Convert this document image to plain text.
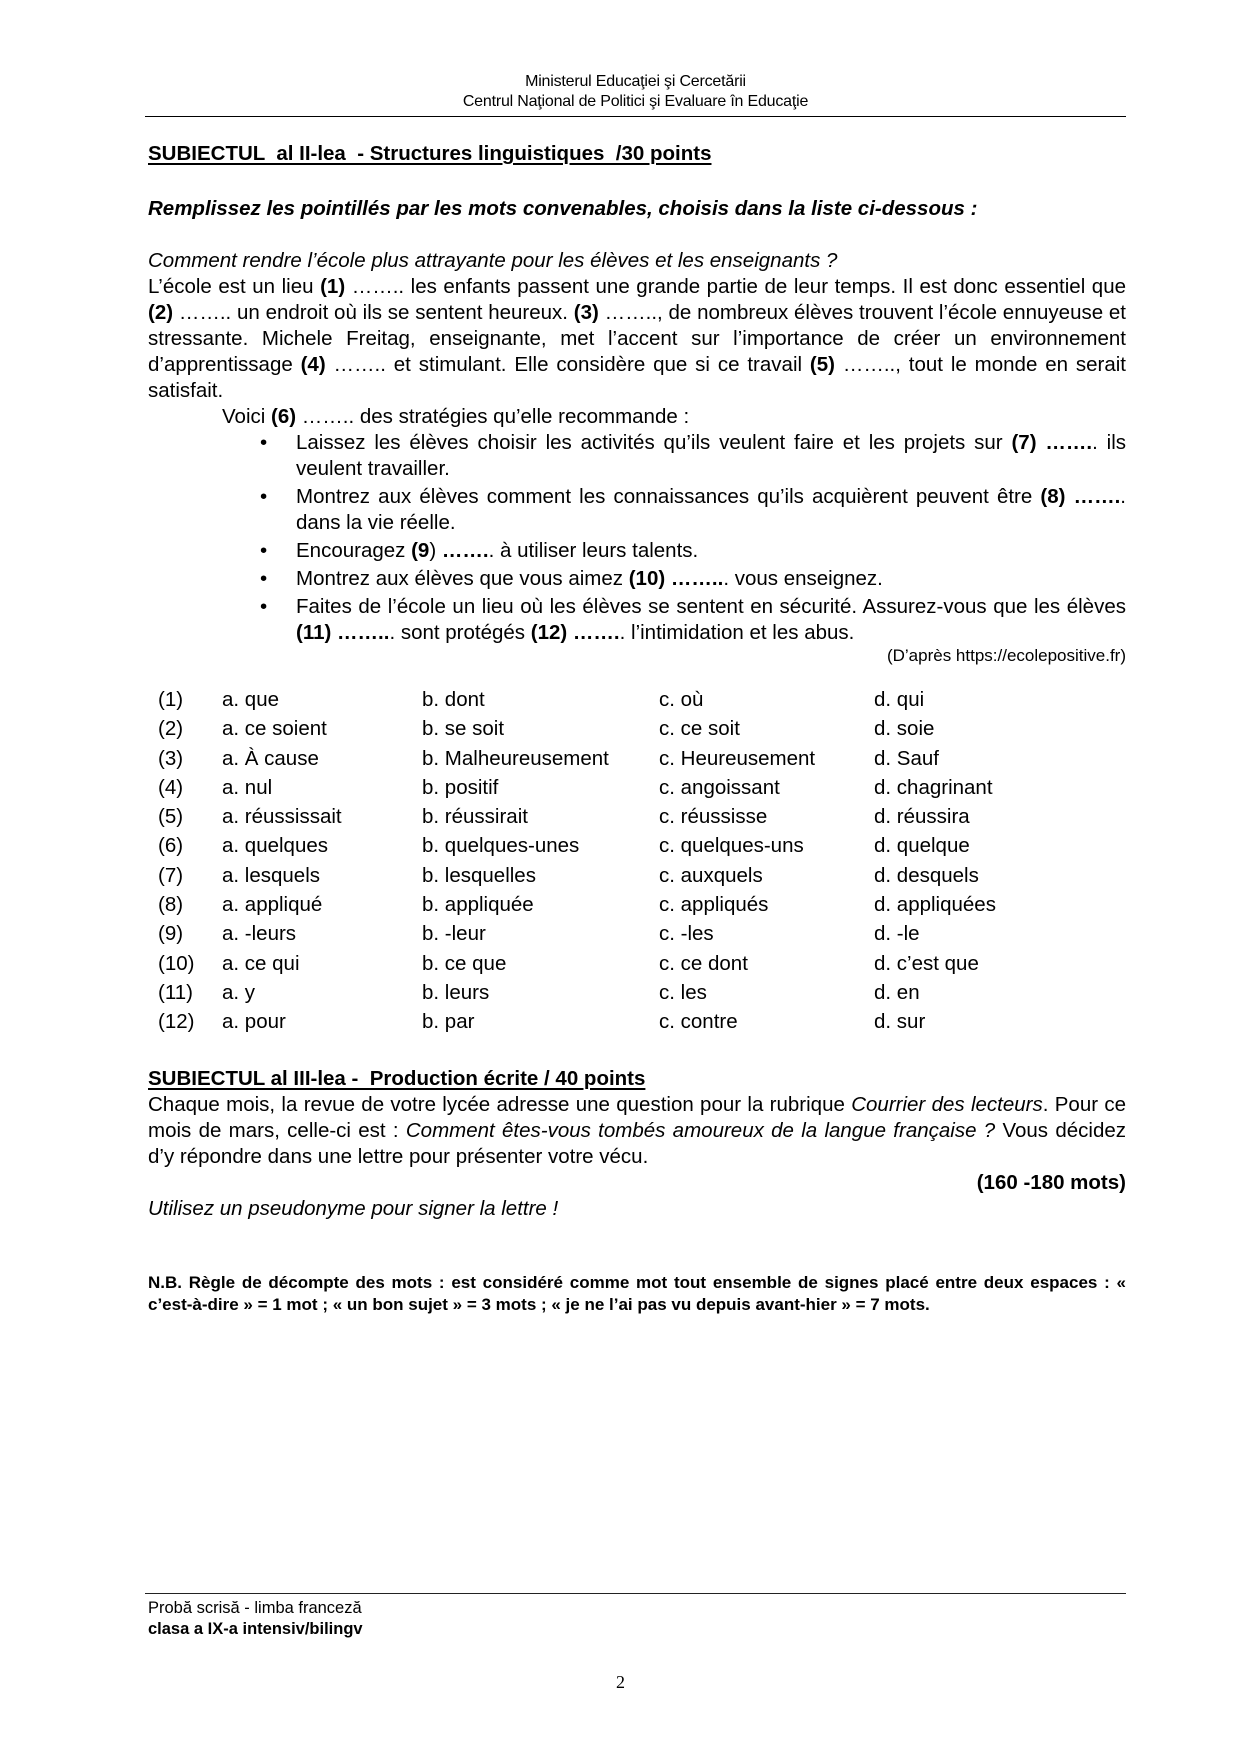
Ministerul Educaţiei şi Cercetării
Centrul Naţional de Politici şi Evaluare în Educaţie

SUBIECTUL  al II-lea  - Structures linguistiques  /30 points

Remplissez les pointillés par les mots convenables, choisis dans la liste ci-dessous :

Comment rendre l’école plus attrayante pour les élèves et les enseignants ?

L’école est un lieu (1) …….. les enfants passent une grande partie de leur temps. Il est donc essentiel que (2) …….. un endroit où ils se sentent heureux. (3) …….., de nombreux élèves trouvent l’école ennuyeuse et stressante. Michele Freitag, enseignante, met l’accent sur l’importance de créer un environnement d’apprentissage (4) …….. et stimulant. Elle considère que si ce travail (5) …….., tout le monde en serait satisfait.

Voici (6) …….. des stratégies qu’elle recommande :

• Laissez les élèves choisir les activités qu’ils veulent faire et les projets sur (7) …….. ils veulent travailler.
• Montrez aux élèves comment les connaissances qu’ils acquièrent peuvent être (8) …….. dans la vie réelle.
• Encouragez (9) …….. à utiliser leurs talents.
• Montrez aux élèves que vous aimez (10) ……... vous enseignez.
• Faites de l’école un lieu où les élèves se sentent en sécurité. Assurez-vous que les élèves (11) ……... sont protégés (12) …….. l’intimidation et les abus.
(D’après https://ecolepositive.fr)
(1)	a. que	b. dont	c. où	d. qui
(2)	a. ce soient	b. se soit	c. ce soit	d. soie
(3)	a. À cause	b. Malheureusement	c. Heureusement	d. Sauf
(4)	a. nul	b. positif	c. angoissant	d. chagrinant
(5)	a. réussissait	b. réussirait	c. réussisse	d. réussira
(6)	a. quelques	b. quelques-unes	c. quelques-uns	d. quelque
(7)	a. lesquels	b. lesquelles	c. auxquels	d. desquels
(8)	a. appliqué	b. appliquée	c. appliqués	d. appliquées
(9)	a. -leurs	b. -leur	c. -les	d. -le
(10)	a. ce qui	b. ce que	c. ce dont	d. c’est que
(11)	a. y	b. leurs	c. les	d. en
(12)	a. pour	b. par	c. contre	d. sur

SUBIECTUL al III-lea -  Production écrite / 40 points

Chaque mois, la revue de votre lycée adresse une question pour la rubrique Courrier des lecteurs. Pour ce mois de mars, celle-ci est : Comment êtes-vous tombés amoureux de la langue française ? Vous décidez d’y répondre dans une lettre pour présenter votre vécu.

(160 -180 mots)

Utilisez un pseudonyme pour signer la lettre !

N.B. Règle de décompte des mots : est considéré comme mot tout ensemble de signes placé entre deux espaces : « c’est-à-dire » = 1 mot ; « un bon sujet » = 3 mots ; « je ne l’ai pas vu depuis avant-hier » = 7 mots.
Probă scrisă - limba franceză
clasa a IX-a intensiv/bilingv
2
